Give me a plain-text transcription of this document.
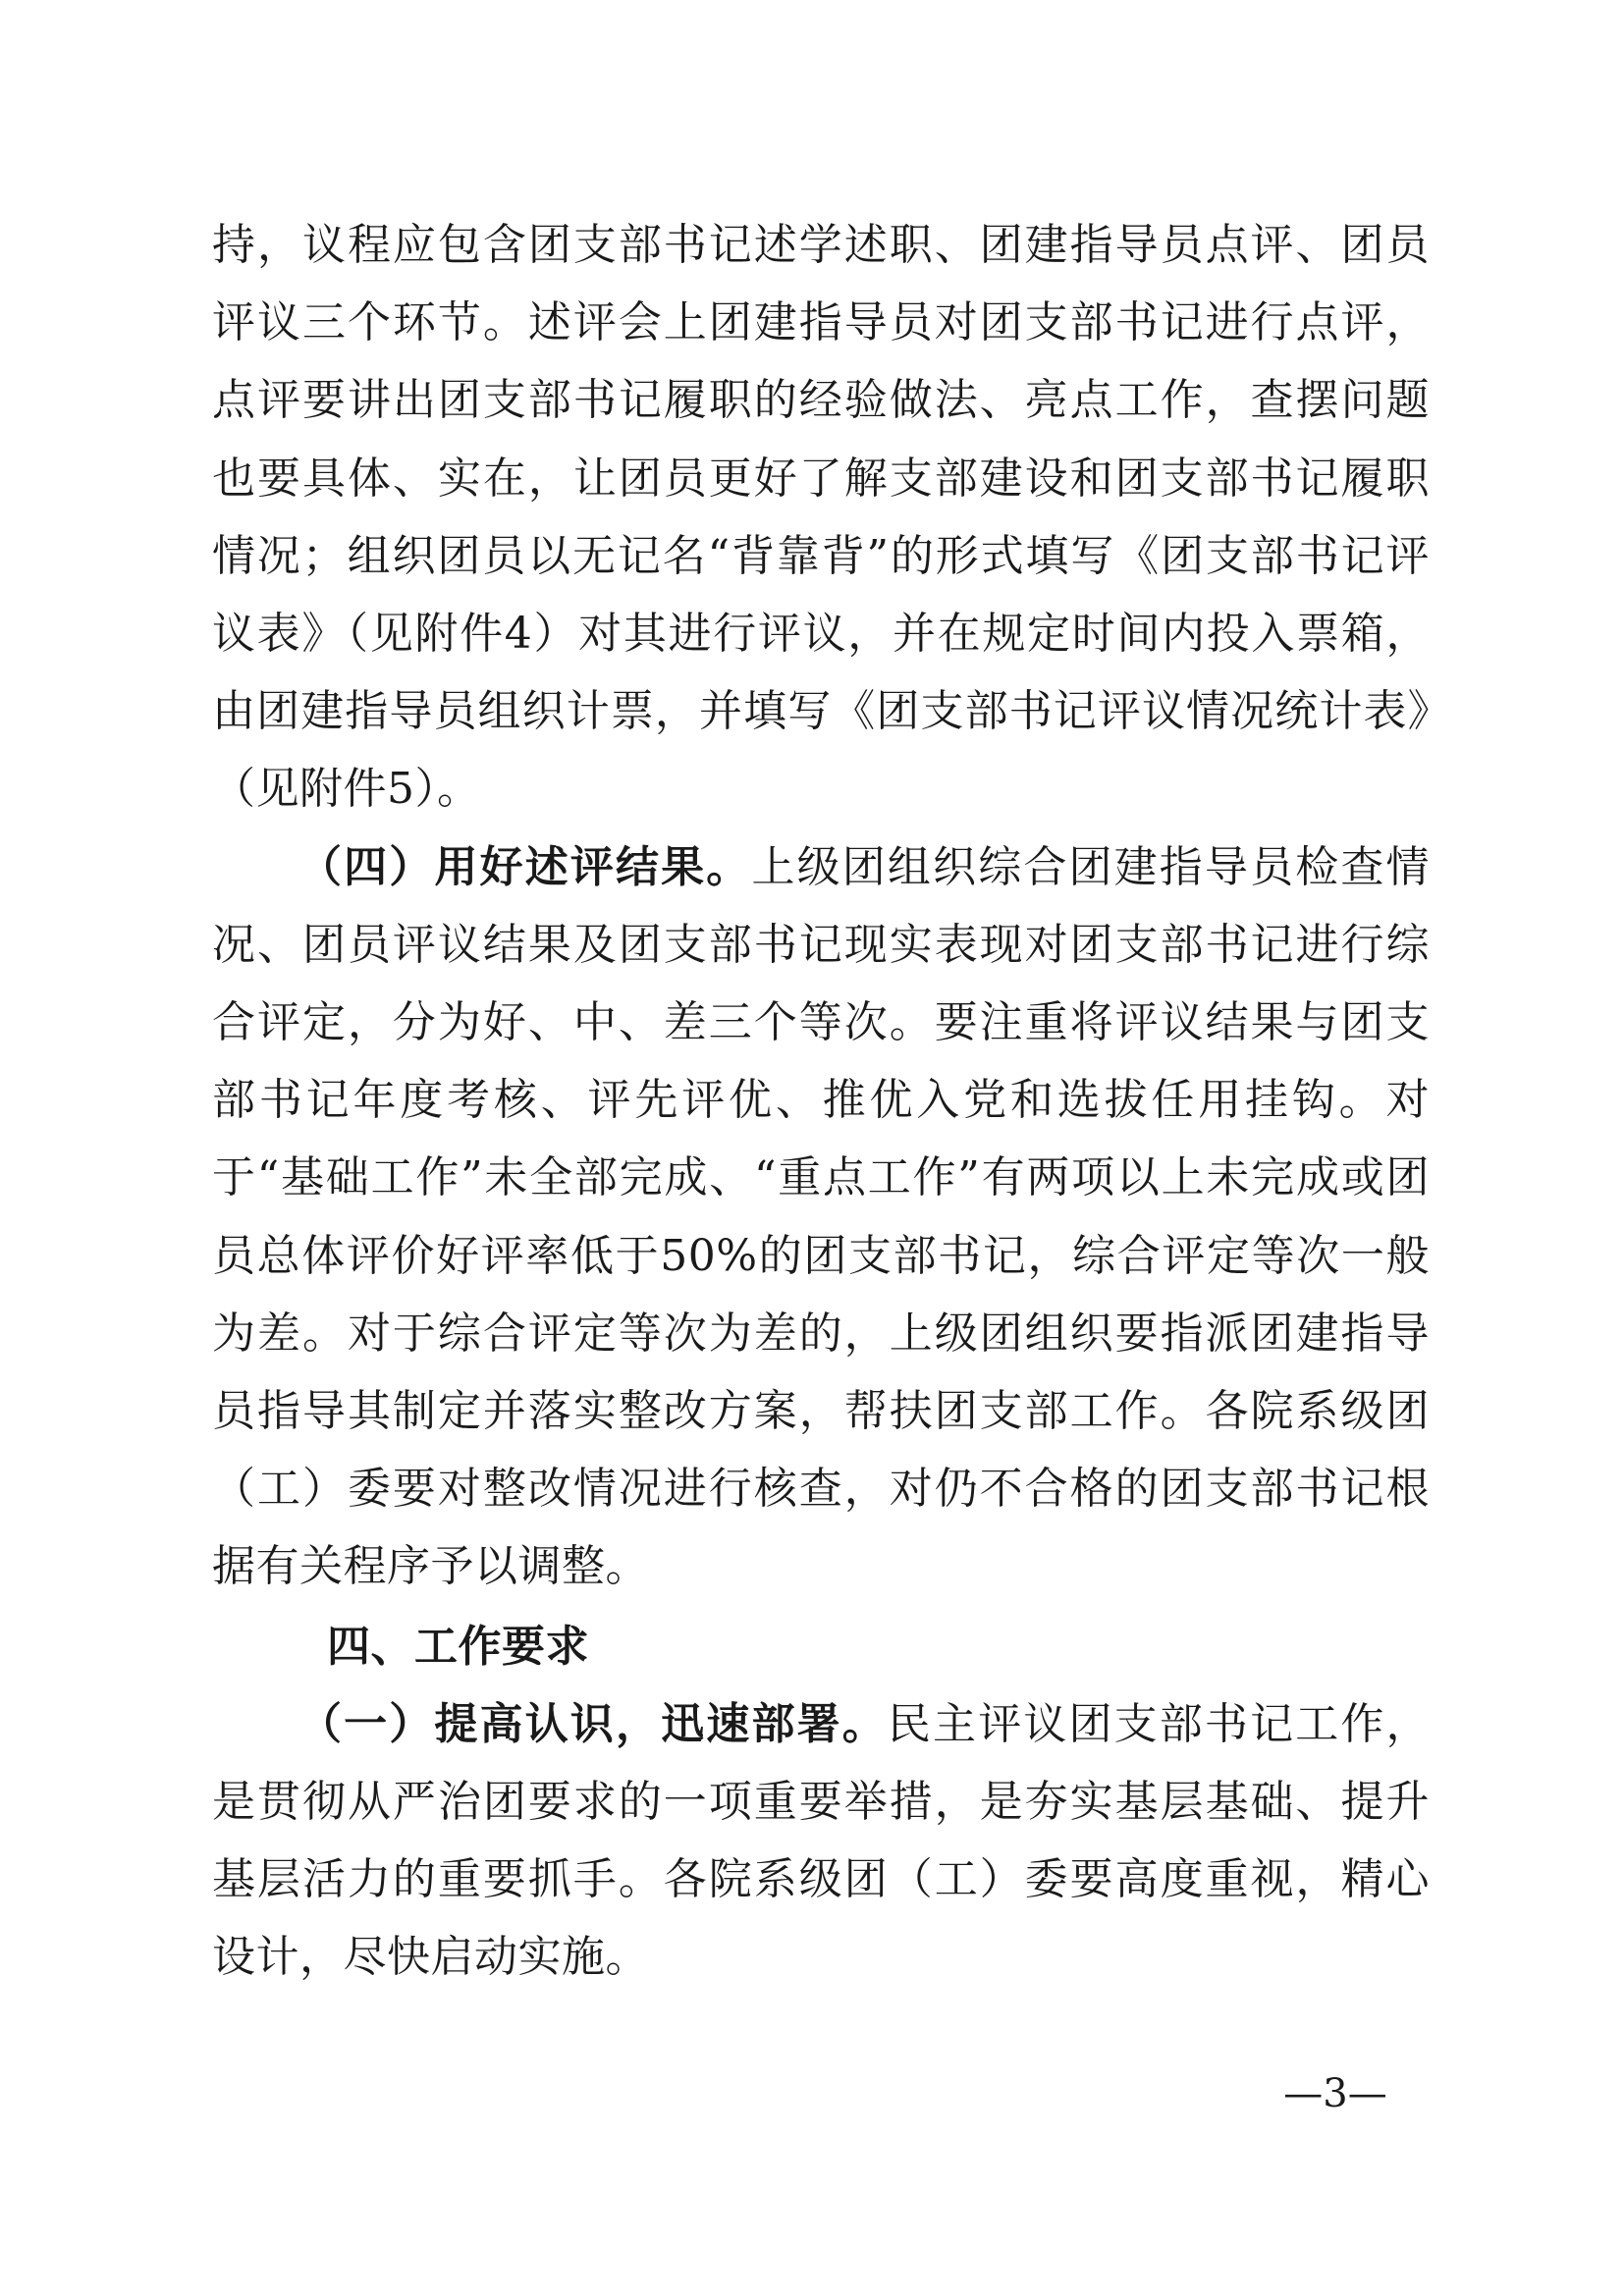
持，议程应包含团支部书记述学述职、团建指导员点评、团员评议三个环节。述评会上团建指导员对团支部书记进行点评，点评要讲出团支部书记履职的经验做法、亮点工作，查摆问题也要具体、实在，让团员更好了解支部建设和团支部书记履职情况；组织团员以无记名“背靠背”的形式填写《团支部书记评议表》（见附件4）对其进行评议，并在规定时间内投入票箱，由团建指导员组织计票，并填写《团支部书记评议情况统计表》（见附件5）。

（四）用好述评结果。上级团组织综合团建指导员检查情况、团员评议结果及团支部书记现实表现对团支部书记进行综合评定，分为好、中、差三个等次。要注重将评议结果与团支部书记年度考核、评先评优、推优入党和选拔任用挂钩。对于“基础工作”未全部完成、“重点工作”有两项以上未完成或团员总体评价好评率低于50%的团支部书记，综合评定等次一般为差。对于综合评定等次为差的，上级团组织要指派团建指导员指导其制定并落实整改方案，帮扶团支部工作。各院系级团（工）委要对整改情况进行核查，对仍不合格的团支部书记根据有关程序予以调整。

四、工作要求

（一）提高认识，迅速部署。民主评议团支部书记工作，是贯彻从严治团要求的一项重要举措，是夯实基层基础、提升基层活力的重要抓手。各院系级团（工）委要高度重视，精心设计，尽快启动实施。

—3—
